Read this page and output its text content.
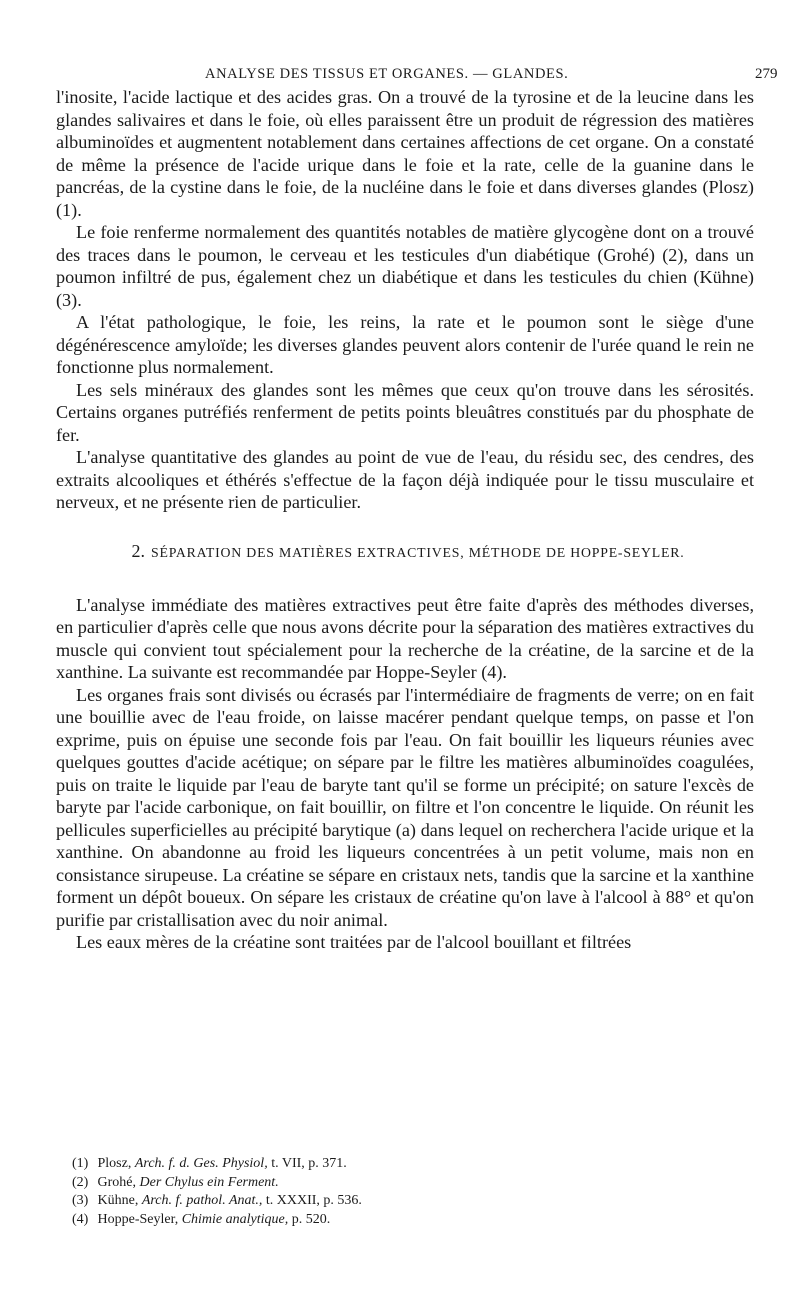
ANALYSE DES TISSUS ET ORGANES. — GLANDES.	279

l'inosite, l'acide lactique et des acides gras. On a trouvé de la tyrosine et de la leucine dans les glandes salivaires et dans le foie, où elles paraissent être un produit de régression des matières albuminoïdes et augmentent notablement dans certaines affections de cet organe. On a constaté de même la présence de l'acide urique dans le foie et la rate, celle de la guanine dans le pancréas, de la cystine dans le foie, de la nucléine dans le foie et dans diverses glandes (Plosz) (1).

Le foie renferme normalement des quantités notables de matière glycogène dont on a trouvé des traces dans le poumon, le cerveau et les testicules d'un diabétique (Grohé) (2), dans un poumon infiltré de pus, également chez un diabétique et dans les testicules du chien (Kühne) (3).

A l'état pathologique, le foie, les reins, la rate et le poumon sont le siège d'une dégénérescence amyloïde; les diverses glandes peuvent alors contenir de l'urée quand le rein ne fonctionne plus normalement.

Les sels minéraux des glandes sont les mêmes que ceux qu'on trouve dans les sérosités. Certains organes putréfiés renferment de petits points bleuâtres constitués par du phosphate de fer.

L'analyse quantitative des glandes au point de vue de l'eau, du résidu sec, des cendres, des extraits alcooliques et éthérés s'effectue de la façon déjà indiquée pour le tissu musculaire et nerveux, et ne présente rien de particulier.

2. SÉPARATION DES MATIÈRES EXTRACTIVES, MÉTHODE DE HOPPE-SEYLER.

L'analyse immédiate des matières extractives peut être faite d'après des méthodes diverses, en particulier d'après celle que nous avons décrite pour la séparation des matières extractives du muscle qui convient tout spécialement pour la recherche de la créatine, de la sarcine et de la xanthine. La suivante est recommandée par Hoppe-Seyler (4).

Les organes frais sont divisés ou écrasés par l'intermédiaire de fragments de verre; on en fait une bouillie avec de l'eau froide, on laisse macérer pendant quelque temps, on passe et l'on exprime, puis on épuise une seconde fois par l'eau. On fait bouillir les liqueurs réunies avec quelques gouttes d'acide acétique; on sépare par le filtre les matières albuminoïdes coagulées, puis on traite le liquide par l'eau de baryte tant qu'il se forme un précipité; on sature l'excès de baryte par l'acide carbonique, on fait bouillir, on filtre et l'on concentre le liquide. On réunit les pellicules superficielles au précipité barytique (a) dans lequel on recherchera l'acide urique et la xanthine. On abandonne au froid les liqueurs concentrées à un petit volume, mais non en consistance sirupeuse. La créatine se sépare en cristaux nets, tandis que la sarcine et la xanthine forment un dépôt boueux. On sépare les cristaux de créatine qu'on lave à l'alcool à 88° et qu'on purifie par cristallisation avec du noir animal.

Les eaux mères de la créatine sont traitées par de l'alcool bouillant et filtrées

(1) Plosz, Arch. f. d. Ges. Physiol, t. VII, p. 371.
(2) Grohé, Der Chylus ein Ferment.
(3) Kühne, Arch. f. pathol. Anat., t. XXXII, p. 536.
(4) Hoppe-Seyler, Chimie analytique, p. 520.
